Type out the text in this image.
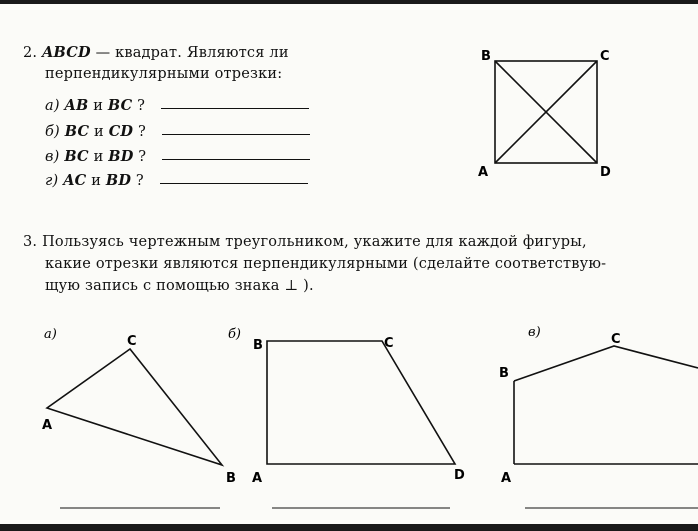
2. ABCD — квадрат. Являются ли
перпендикулярными отрезки:
а) AB и BC ?
б) BC и CD ?
в) BC и BD ?
г) AC и BD ?
3. Пользуясь чертежным треугольником, укажите для каждой фигуры,
какие отрезки являются перпендикулярными (сделайте соответствую-
щую запись с помощью знака ⊥ ).
B	C
A	D
а)	C
A
B
б)
B	C
A	D
в)
B
C
A
